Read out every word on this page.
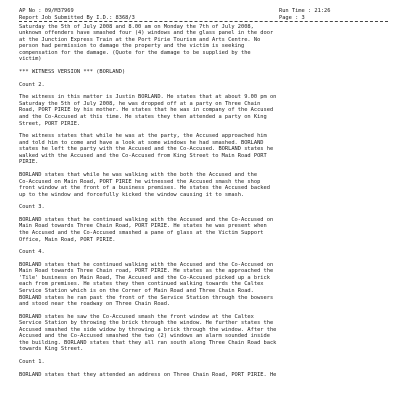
AP No : 09/M37969	Run Time : 21:26
Report Job Submitted By I.D.: 8368/3	Page : 3
Saturday the 5th of July 2008 and 8.00 am on Monday the 7th of July 2008,
unknown offenders have smashed four (4) windows and the glass panel in the door
at the Junction Express Train at the Port Pirie Tourism and Arts Centre. No
person had permission to damage the property and the victim is seeking
compensation for the damage. (Quote for the damage to be supplied by the
victim)
*** WITNESS VERSION *** (BORLAND)
Count 2.
The witness in this matter is Justin BORLAND. He states that at about 9.00 pm on
Saturday the 5th of July 2008, he was dropped off at a party on Three Chain
Road, PORT PIRIE by his mother. He states that he was in company of the Accused
and the Co-Accused at this time. He states they then attended a party on King
Street, PORT PIRIE.
The witness states that while he was at the party, the Accused approached him
and told him to come and have a look at some windows he had smashed. BORLAND
states he left the party with the Accused and the Co-Accused. BORLAND states he
walked with the Accused and the Co-Accused from King Street to Main Road PORT
PIRIE.
BORLAND states that while he was walking with the both the Accused and the
Co-Accused on Main Road, PORT PIRIE he witnessed the Accused smash the shop
front window at the front of a business premises. He states the Accused backed
up to the window and forcefully kicked the window causing it to smash.
Count 3.
BORLAND states that he continued walking with the Accused and the Co-Accused on
Main Road towards Three Chain Road, PORT PIRIE. He states he was present when
the Accused and the Co-Accused smashed a pane of glass at the Victim Support
Office, Main Road, PORT PIRIE.
Count 4.
BORLAND states that he continued walking with the Accused and the Co-Accused on
Main Road towards Three Chain road, PORT PIRIE. He states as the approached the
'Tile' business on Main Road, The Accused and the Co-Accused picked up a brick
each from premises. He states they then continued walking towards the Caltex
Service Station which is on the Corner of Main Road and Three Chain Road.
BORLAND states he ran past the front of the Service Station through the bowsers
and stood near the roadway on Three Chain Road.
BORLAND states he saw the Co-Accused smash the front window at the Caltex
Service Station by throwing the brick through the window. He further states the
Accused smashed the side widow by throwing a brick through the window. After the
Accused and the Co-Accused smashed the two (2) windows an alarm sounded inside
the building. BORLAND states that they all ran south along Three Chain Road back
towards King Street.
Count 1.
BORLAND states that they attended an address on Three Chain Road, PORT PIRIE. He
